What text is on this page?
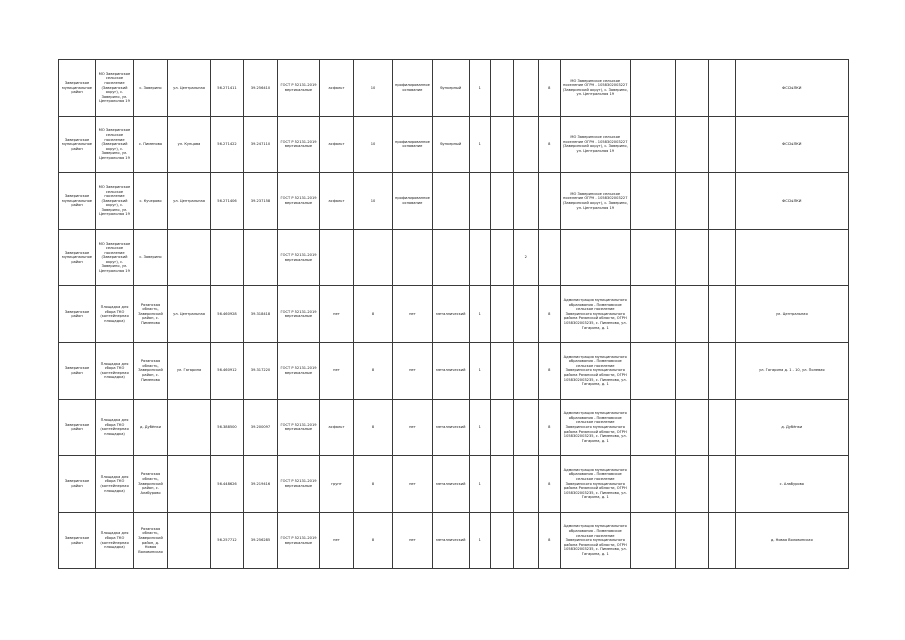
Заверинское муниципальное район	МО Заверинское сельское поселение (Заверинский округ), с. Заверино, ул. Центральная 19	с. Заверино	ул. Центральная	56.271411	39.256410	ГОСТ Р 52131-2019 вертикальные	асфальт	10	профилированное основание	бункерный	1			8	МО Заверинское сельское поселение ОГРН - 1058302003227 (Заверинский округ), с. Заверино, ул. Центральная 19				ФССЫЛКИ
Заверинское муниципальное район	МО Заверинское сельское поселение (Заверинский округ), с. Заверино, ул. Центральная 19	с. Пименово	ул. Кунцова	56.271422	39.247110	ГОСТ Р 52131-2019 вертикальные	асфальт	10	профилированное основание	бункерный	1			8	МО Заверинское сельское поселение ОГРН - 1058302003227 (Заверинский округ), с. Заверино, ул. Центральная 19				ФССЫЛКИ
Заверинское муниципальное район	МО Заверинское сельское поселение (Заверинский округ), с. Заверино, ул. Центральная 19	с. Кучерово	ул. Центральная	56.271406	39.237158	ГОСТ Р 52131-2019 вертикальные	асфальт	10	профилированное основание						МО Заверинское сельское поселение ОГРН - 1058302003227 (Заверинский округ), с. Заверино, ул. Центральная 19				ФССЫЛКИ
Заверинское муниципальное район	МО Заверинское сельское поселение (Заверинский округ), с. Заверино, ул. Центральная 19	с. Заверино				ГОСТ Р 52131-2019 вертикальные							2						
Заверинское район	Площадка для сбора ТКО (контейнерная площадка)	Рязанская область, Заверинский район, с. Пименово	ул. Центральная	56.460928	39.318418	ГОСТ Р 52131-2019 вертикальные	нет	8	нет	металлический	1			8	Администрация муниципального образования - Пименовское сельское поселение Заверинского муниципального района Рязанской области, ОГРН 1058302003235, с. Пименово, ул. Гагарина, д. 1				ул. Центральная
Заверинское район	Площадка для сбора ТКО (контейнерная площадка)	Рязанская область, Заверинский район, с. Пименово	ул. Гагарина	56.460912	39.317220	ГОСТ Р 52131-2019 вертикальные	нет	8	нет	металлический	1			8	Администрация муниципального образования - Пименовское сельское поселение Заверинского муниципального района Рязанской области, ОГРН 1058302003235, с. Пименово, ул. Гагарина, д. 1				ул. Гагарина д. 1 - 10, ул. Полевая
Заверинское район	Площадка для сбора ТКО (контейнерная площадка)	д. Дубёнки		56.388500	39.200097	ГОСТ Р 52131-2019 вертикальные	асфальт	8	нет	металлический	1			8	Администрация муниципального образования - Пименовское сельское поселение Заверинского муниципального района Рязанской области, ОГРН 1058302003235, с. Пименово, ул. Гагарина, д. 1				д. Дубёнки
Заверинское район	Площадка для сбора ТКО (контейнерная площадка)	Рязанская область, Заверинский район, с. Алабурово		56.448626	39.219416	ГОСТ Р 52131-2019 вертикальные	грунт	8	нет	металлический	1			8	Администрация муниципального образования - Пименовское сельское поселение Заверинского муниципального района Рязанской области, ОГРН 1058302003235, с. Пименово, ул. Гагарина, д. 1				с. Алабурово
Заверинское район	Площадка для сбора ТКО (контейнерная площадка)	Рязанская область, Заверинский район, д. Новая Воловинская		56.257712	39.256285	ГОСТ Р 52131-2019 вертикальные	нет	8	нет	металлический	1			8	Администрация муниципального образования - Пименовское сельское поселение Заверинского муниципального района Рязанской области, ОГРН 1058302003235, с. Пименово, ул. Гагарина, д. 1				д. Новая Воловинская
